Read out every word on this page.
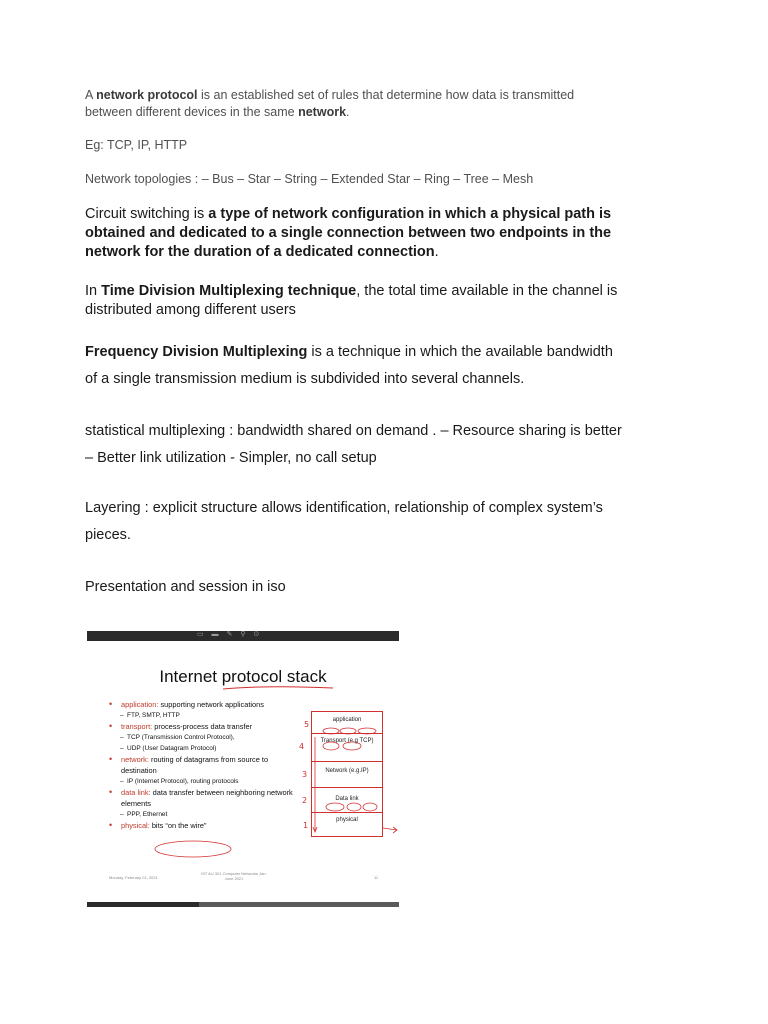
A network protocol is an established set of rules that determine how data is transmitted between different devices in the same network.

Eg: TCP, IP, HTTP

Network topologies : – Bus – Star – String – Extended Star – Ring – Tree – Mesh

Circuit switching is a type of network configuration in which a physical path is obtained and dedicated to a single connection between two endpoints in the network for the duration of a dedicated connection.

In Time Division Multiplexing technique, the total time available in the channel is distributed among different users

Frequency Division Multiplexing is a technique in which the available bandwidth of a single transmission medium is subdivided into several channels.

statistical multiplexing : bandwidth shared on demand . – Resource sharing is better – Better link utilization - Simpler, no call setup

Layering : explicit structure allows identification, relationship of complex system’s pieces.

Presentation and session in iso

▭ ▬ ✎ ⚲ ⊙
Internet protocol stack
• application: supporting network applications
– FTP, SMTP, HTTP
• transport: process-process data transfer
– TCP (Transmission Control Protocol),
– UDP (User Datagram Protocol)
• network: routing of datagrams from source to destination
– IP (Internet Protocol), routing protocols
• data link: data transfer between neighboring network elements
– PPP, Ethernet
• physical: bits “on the wire”
application
Transport (e.g TCP)
Network (e.g.IP)
Data link
physical
5
4
3
2
1
Monday, February 01, 2021
IST AU 321 Computer Networks Jan-June 2021	11
